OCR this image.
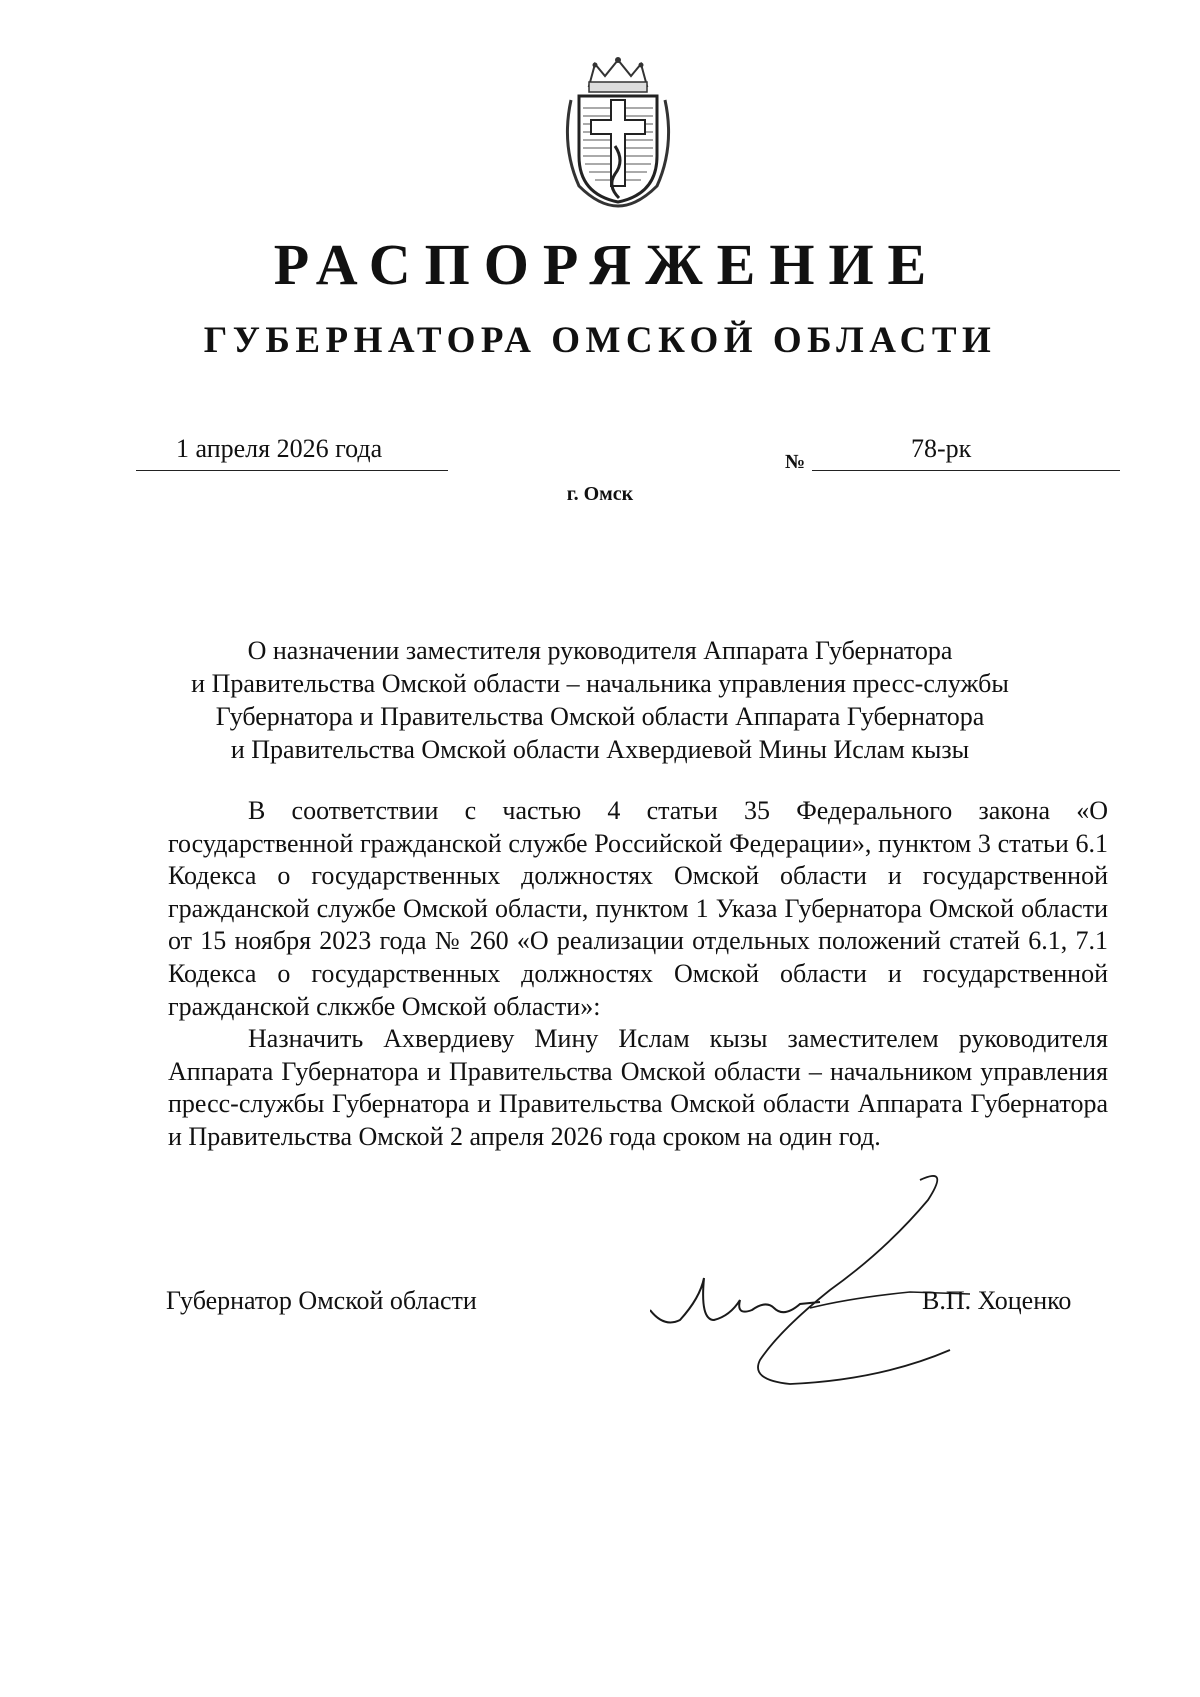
РАСПОРЯЖЕНИЕ
ГУБЕРНАТОРА ОМСКОЙ ОБЛАСТИ
1 апреля 2026 года	№	78-рк
г. Омск
О назначении заместителя руководителя Аппарата Губернатора
и Правительства Омской области – начальника управления пресс-службы
Губернатора и Правительства Омской области Аппарата Губернатора
и Правительства Омской области Ахвердиевой Мины Ислам кызы

В соответствии с частью 4 статьи 35 Федерального закона «О государственной гражданской службе Российской Федерации», пунктом 3 статьи 6.1 Кодекса о государственных должностях Омской области и государственной гражданской службе Омской области, пунктом 1 Указа Губернатора Омской области от 15 ноября 2023 года № 260 «О реализации отдельных положений статей 6.1, 7.1 Кодекса о государственных должностях Омской области и государственной гражданской слкжбе Омской области»:

Назначить Ахвердиеву Мину Ислам кызы заместителем руководителя Аппарата Губернатора и Правительства Омской области – начальником управления пресс-службы Губернатора и Правительства Омской области Аппарата Губернатора и Правительства Омской 2 апреля 2026 года сроком на один год.

Губернатор Омской области	В.П. Хоценко
